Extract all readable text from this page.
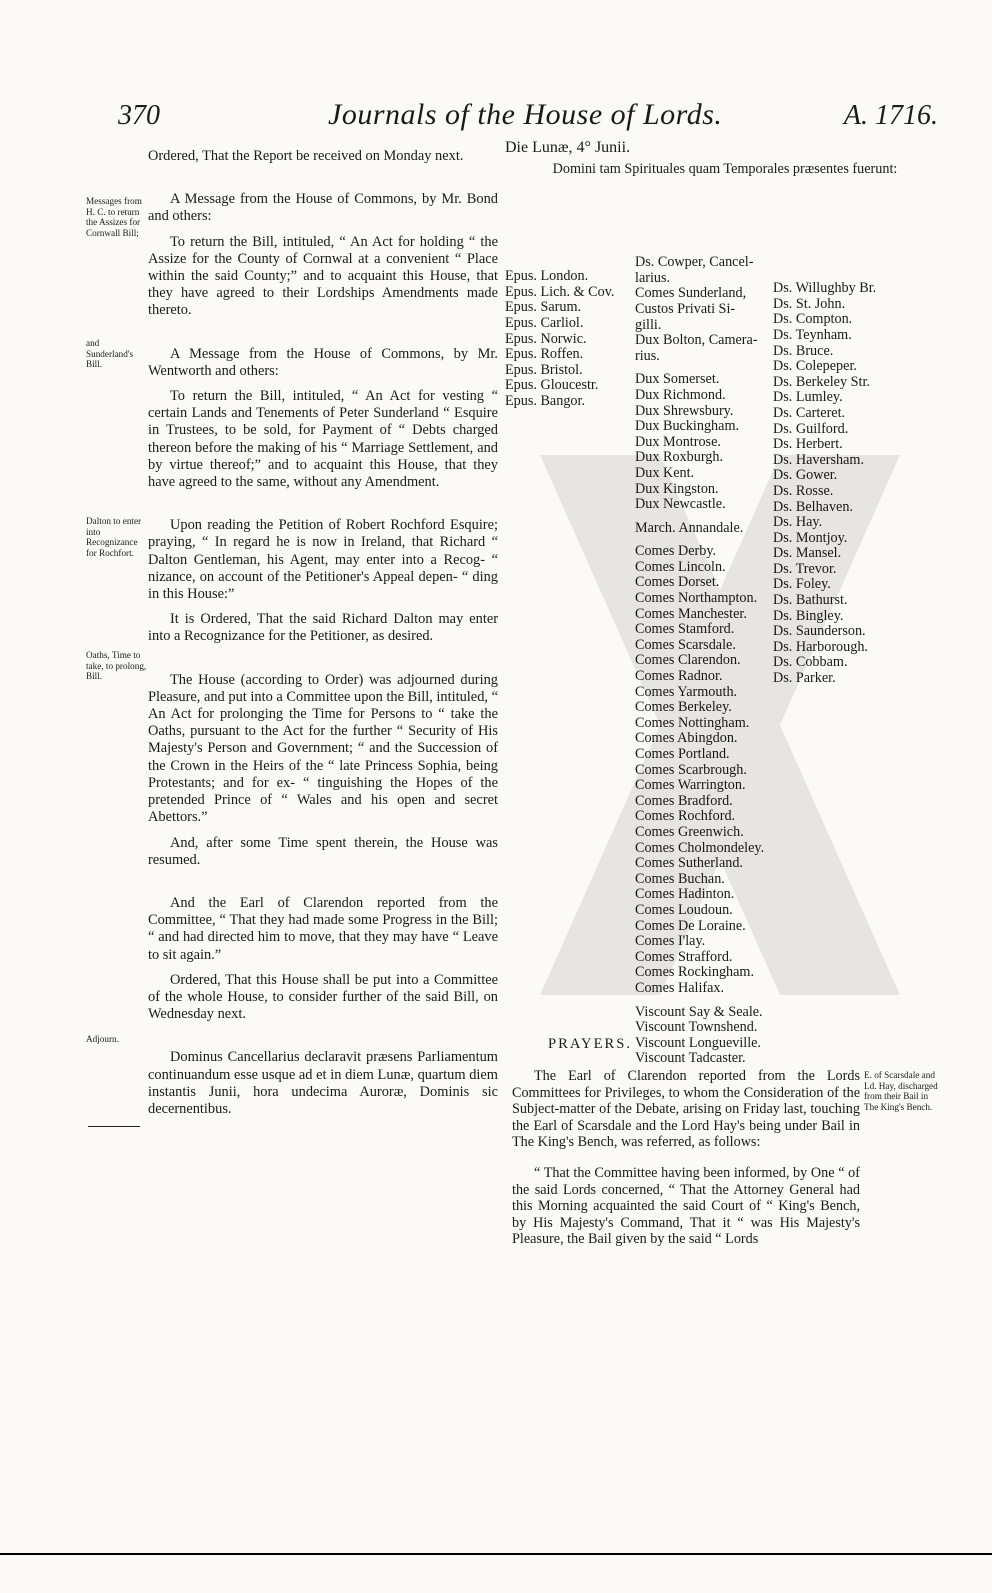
370	Journals of the House of Lords.	A. 1716.
Messages from H. C. to return the Assizes for Cornwall Bill;
and Sunderland's Bill.
Dalton to enter into Recognizance for Rochfort.
Oaths, Time to take, to prolong, Bill.
Adjourn.

Ordered, That the Report be received on Monday next.

A Message from the House of Commons, by Mr. Bond and others:

To return the Bill, intituled, “ An Act for holding “ the Assize for the County of Cornwal at a convenient “ Place within the said County;” and to acquaint this House, that they have agreed to their Lordships Amendments made thereto.

A Message from the House of Commons, by Mr. Wentworth and others:

To return the Bill, intituled, “ An Act for vesting “ certain Lands and Tenements of Peter Sunderland “ Esquire in Trustees, to be sold, for Payment of “ Debts charged thereon before the making of his “ Marriage Settlement, and by virtue thereof;” and to acquaint this House, that they have agreed to the same, without any Amendment.

Upon reading the Petition of Robert Rochford Esquire; praying, “ In regard he is now in Ireland, that Richard “ Dalton Gentleman, his Agent, may enter into a Recog- “ nizance, on account of the Petitioner's Appeal depen- “ ding in this House:”

It is Ordered, That the said Richard Dalton may enter into a Recognizance for the Petitioner, as desired.

The House (according to Order) was adjourned during Pleasure, and put into a Committee upon the Bill, intituled, “ An Act for prolonging the Time for Persons to “ take the Oaths, pursuant to the Act for the further “ Security of His Majesty's Person and Government; “ and the Succession of the Crown in the Heirs of the “ late Princess Sophia, being Protestants; and for ex- “ tinguishing the Hopes of the pretended Prince of “ Wales and his open and secret Abettors.”

And, after some Time spent therein, the House was resumed.

And the Earl of Clarendon reported from the Committee, “ That they had made some Progress in the Bill; “ and had directed him to move, that they may have “ Leave to sit again.”

Ordered, That this House shall be put into a Committee of the whole House, to consider further of the said Bill, on Wednesday next.

Dominus Cancellarius declaravit præsens Parliamentum continuandum esse usque ad et in diem Lunæ, quartum diem instantis Junii, hora undecima Auroræ, Dominis sic decernentibus.

Die Lunæ, 4° Junii.
Domini tam Spirituales quam Temporales præsentes fuerunt:
Epus. London.
Epus. Lich. & Cov.
Epus. Sarum.
Epus. Carliol.
Epus. Norwic.
Epus. Roffen.
Epus. Bristol.
Epus. Gloucestr.
Epus. Bangor.
Ds. Cowper, Cancel-
larius.
Comes Sunderland,
Custos Privati Si-
gilli.
Dux Bolton, Camera-
rius.
Dux Somerset.
Dux Richmond.
Dux Shrewsbury.
Dux Buckingham.
Dux Montrose.
Dux Roxburgh.
Dux Kent.
Dux Kingston.
Dux Newcastle.
March. Annandale.
Comes Derby.
Comes Lincoln.
Comes Dorset.
Comes Northampton.
Comes Manchester.
Comes Stamford.
Comes Scarsdale.
Comes Clarendon.
Comes Radnor.
Comes Yarmouth.
Comes Berkeley.
Comes Nottingham.
Comes Abingdon.
Comes Portland.
Comes Scarbrough.
Comes Warrington.
Comes Bradford.
Comes Rochford.
Comes Greenwich.
Comes Cholmondeley.
Comes Sutherland.
Comes Buchan.
Comes Hadinton.
Comes Loudoun.
Comes De Loraine.
Comes I'lay.
Comes Strafford.
Comes Rockingham.
Comes Halifax.
Viscount Say & Seale.
Viscount Townshend.
Viscount Longueville.
Viscount Tadcaster.
Ds. Willughby Br.
Ds. St. John.
Ds. Compton.
Ds. Teynham.
Ds. Bruce.
Ds. Colepeper.
Ds. Berkeley Str.
Ds. Lumley.
Ds. Carteret.
Ds. Guilford.
Ds. Herbert.
Ds. Haversham.
Ds. Gower.
Ds. Rosse.
Ds. Belhaven.
Ds. Hay.
Ds. Montjoy.
Ds. Mansel.
Ds. Trevor.
Ds. Foley.
Ds. Bathurst.
Ds. Bingley.
Ds. Saunderson.
Ds. Harborough.
Ds. Cobbam.
Ds. Parker.
PRAYERS.

The Earl of Clarendon reported from the Lords Committees for Privileges, to whom the Consideration of the Subject-matter of the Debate, arising on Friday last, touching the Earl of Scarsdale and the Lord Hay's being under Bail in The King's Bench, was referred, as follows:

“ That the Committee having been informed, by One “ of the said Lords concerned, “ That the Attorney General had this Morning acquainted the said Court of “ King's Bench, by His Majesty's Command, That it “ was His Majesty's Pleasure, the Bail given by the said “ Lords

E. of Scarsdale and Ld. Hay, discharged from their Bail in The King's Bench.
